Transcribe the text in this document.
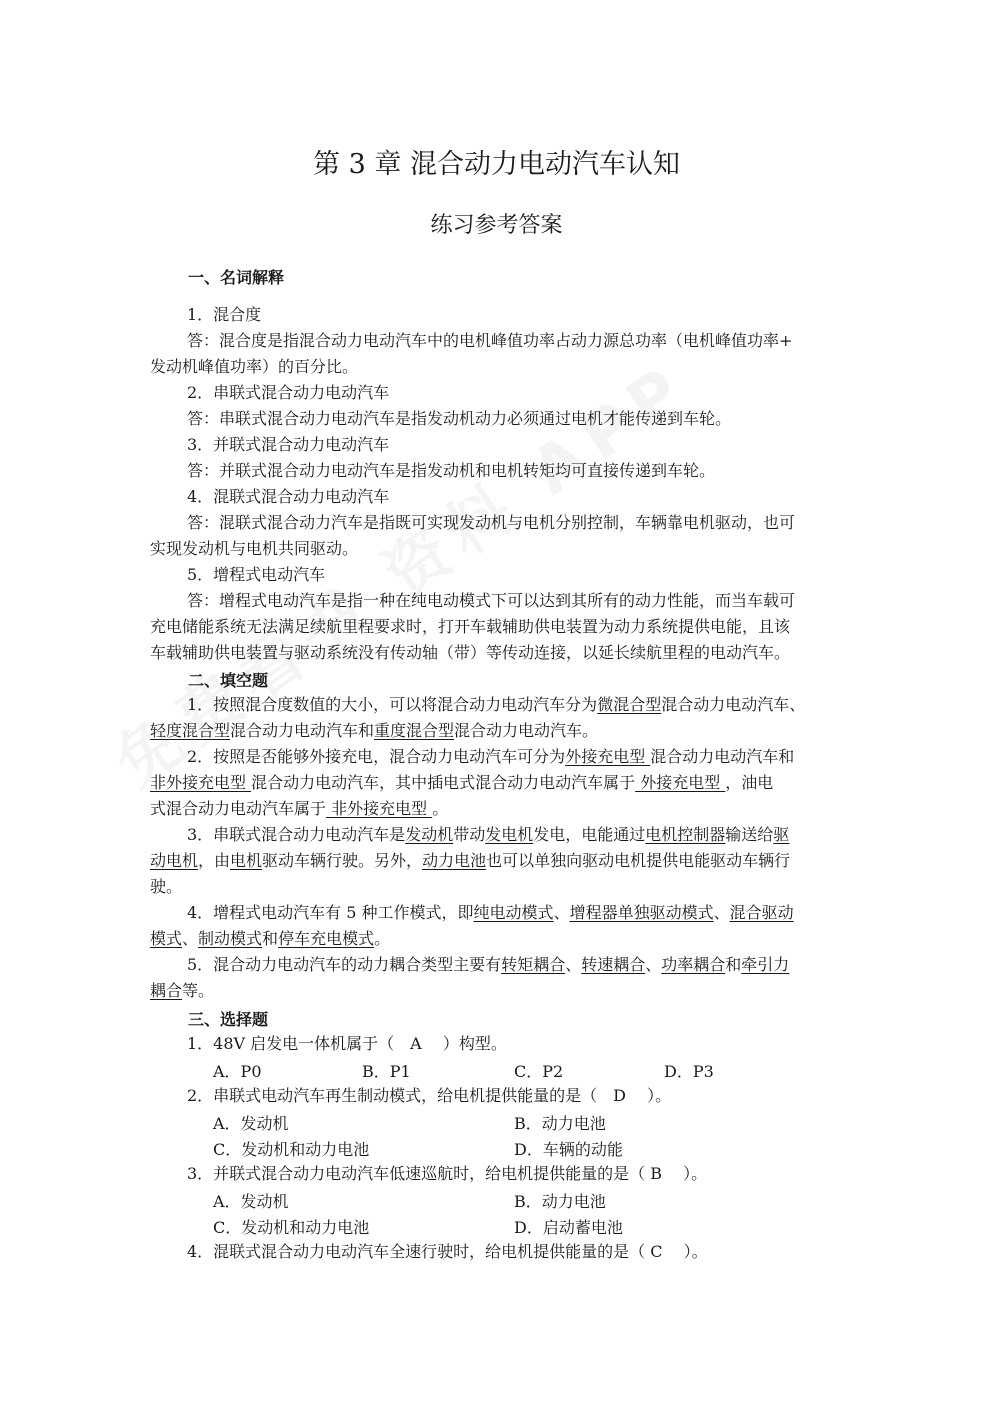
第 3 章 混合动力电动汽车认知
练习参考答案
一、名词解释
1．混合度
答：混合度是指混合动力电动汽车中的电机峰值功率占动力源总功率（电机峰值功率+
发动机峰值功率）的百分比。
2．串联式混合动力电动汽车
答：串联式混合动力电动汽车是指发动机动力必须通过电机才能传递到车轮。
3．并联式混合动力电动汽车
答：并联式混合动力电动汽车是指发动机和电机转矩均可直接传递到车轮。
4．混联式混合动力电动汽车
答：混联式混合动力汽车是指既可实现发动机与电机分别控制，车辆靠电机驱动，也可
实现发动机与电机共同驱动。
5．增程式电动汽车
答：增程式电动汽车是指一种在纯电动模式下可以达到其所有的动力性能，而当车载可
充电储能系统无法满足续航里程要求时，打开车载辅助供电装置为动力系统提供电能，且该
车载辅助供电装置与驱动系统没有传动轴（带）等传动连接，以延长续航里程的电动汽车。
二、填空题
1．按照混合度数值的大小，可以将混合动力电动汽车分为微混合型混合动力电动汽车、
轻度混合型混合动力电动汽车和重度混合型混合动力电动汽车。
2．按照是否能够外接充电，混合动力电动汽车可分为外接充电型 混合动力电动汽车和
非外接充电型 混合动力电动汽车，其中插电式混合动力电动汽车属于 外接充电型 ，油电
式混合动力电动汽车属于 非外接充电型 。
3．串联式混合动力电动汽车是发动机带动发电机发电，电能通过电机控制器输送给驱
动电机，由电机驱动车辆行驶。另外，动力电池也可以单独向驱动电机提供电能驱动车辆行
驶。
4．增程式电动汽车有 5 种工作模式，即纯电动模式、增程器单独驱动模式、混合驱动
模式、制动模式和停车充电模式。
5．混合动力电动汽车的动力耦合类型主要有转矩耦合、转速耦合、功率耦合和牵引力
耦合等。
三、选择题
1．48V 启发电一体机属于（　A　 ）构型。
A．P0	B．P1	C．P2	D．P3
2．串联式电动汽车再生制动模式，给电机提供能量的是（　D　 ）。
A．发动机	B．动力电池
C．发动机和动力电池	D．车辆的动能
3．并联式混合动力电动汽车低速巡航时，给电机提供能量的是（ B　 ）。
A．发动机	B．动力电池
C．发动机和动力电池	D．启动蓄电池
4．混联式混合动力电动汽车全速行驶时，给电机提供能量的是（ C　 ）。
